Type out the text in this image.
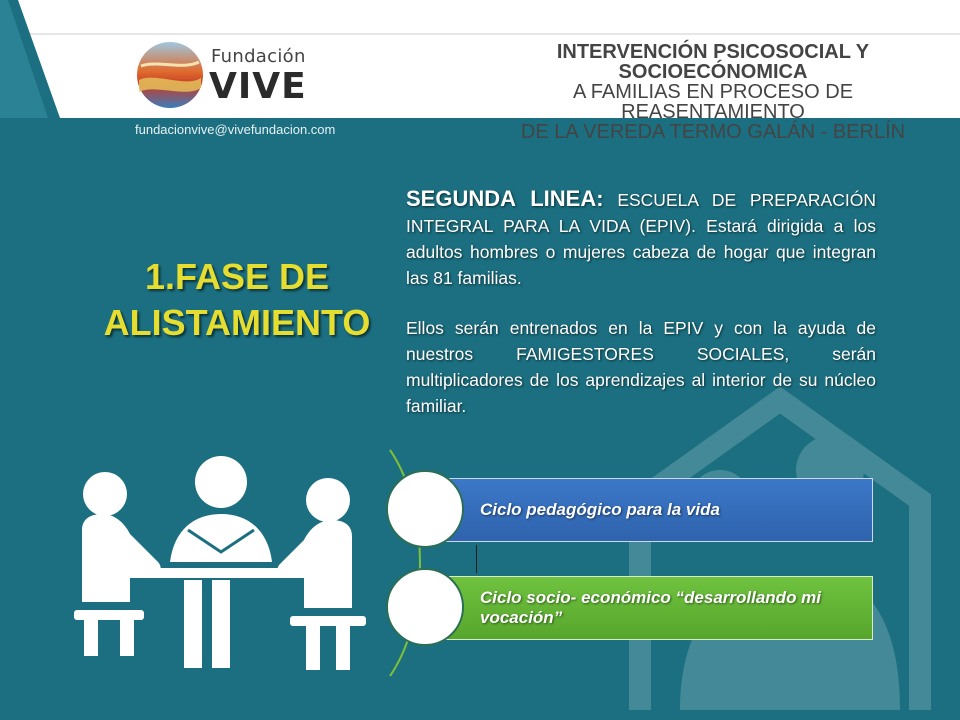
Fundación
VIVE
fundacionvive@vivefundacion.com
INTERVENCIÓN PSICOSOCIAL Y SOCIOECÓNOMICA
A FAMILIAS EN PROCESO DE REASENTAMIENTO
DE LA VEREDA TERMO GALÁN - BERLÍN
1.FASE DE
ALISTAMIENTO

SEGUNDA LINEA: ESCUELA DE PREPARACIÓN INTEGRAL PARA LA VIDA (EPIV). Estará dirigida a los adultos hombres o mujeres cabeza de hogar que integran las 81 familias.

Ellos serán entrenados en la EPIV y con la ayuda de nuestros FAMIGESTORES SOCIALES, serán multiplicadores de los aprendizajes al interior de su núcleo familiar.

Ciclo pedagógico para la vida
Ciclo socio- económico “desarrollando mi vocación”
